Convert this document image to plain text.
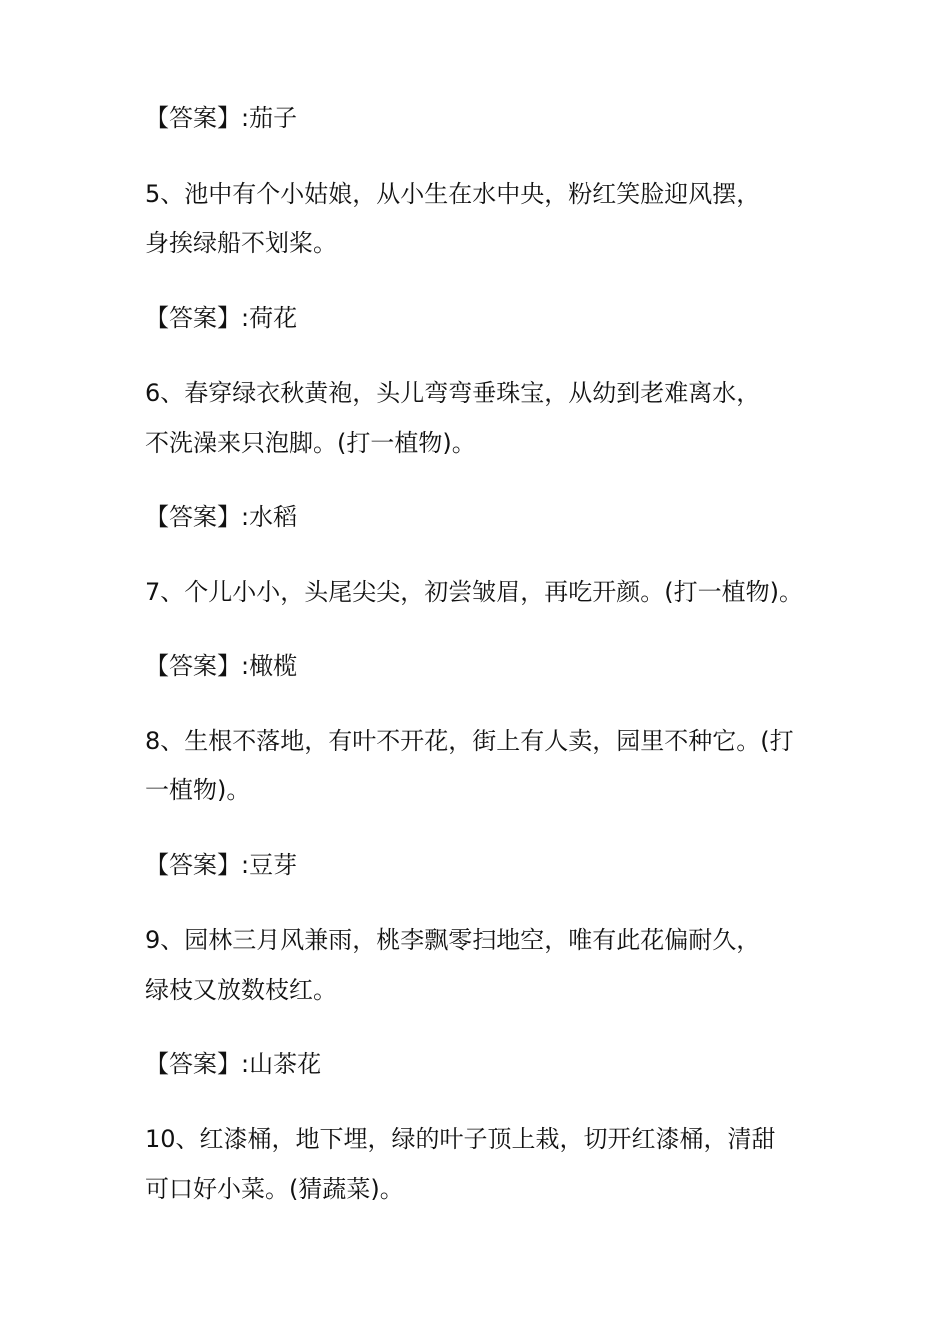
【答案】:茄子
5、池中有个小姑娘，从小生在水中央，粉红笑脸迎风摆，
身挨绿船不划桨。
【答案】:荷花
6、春穿绿衣秋黄袍，头儿弯弯垂珠宝，从幼到老难离水，
不洗澡来只泡脚。(打一植物)。
【答案】:水稻
7、个儿小小，头尾尖尖，初尝皱眉，再吃开颜。(打一植物)。
【答案】:橄榄
8、生根不落地，有叶不开花，街上有人卖，园里不种它。(打
一植物)。
【答案】:豆芽
9、园林三月风兼雨，桃李飘零扫地空，唯有此花偏耐久，
绿枝又放数枝红。
【答案】:山茶花
10、红漆桶，地下埋，绿的叶子顶上栽，切开红漆桶，清甜
可口好小菜。(猜蔬菜)。
